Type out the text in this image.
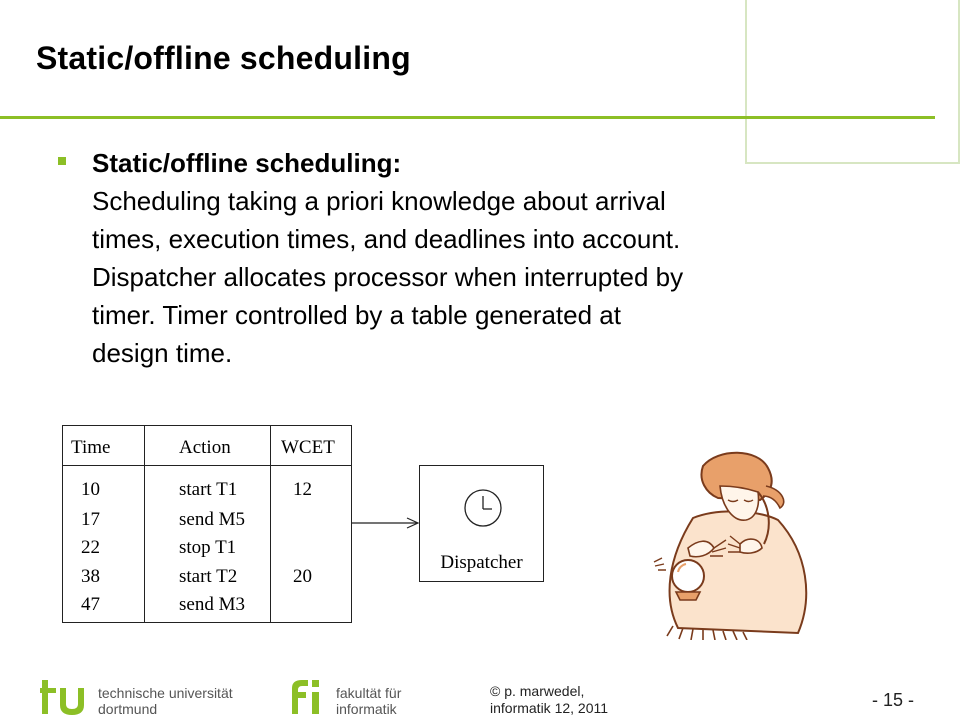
Static/offline scheduling
Static/offline scheduling:
Scheduling taking a priori knowledge about arrival
times, execution times, and deadlines into account.
Dispatcher allocates processor when interrupted by
timer. Timer controlled by a table generated at
design time.
Time	Action	WCET
10	start T1	12
17	send M5
22	stop T1
38	start T2	20
47	send M3
Dispatcher
technische universität
dortmund
fakultät für
informatik
© p. marwedel,
informatik 12, 2011	- 15 -
